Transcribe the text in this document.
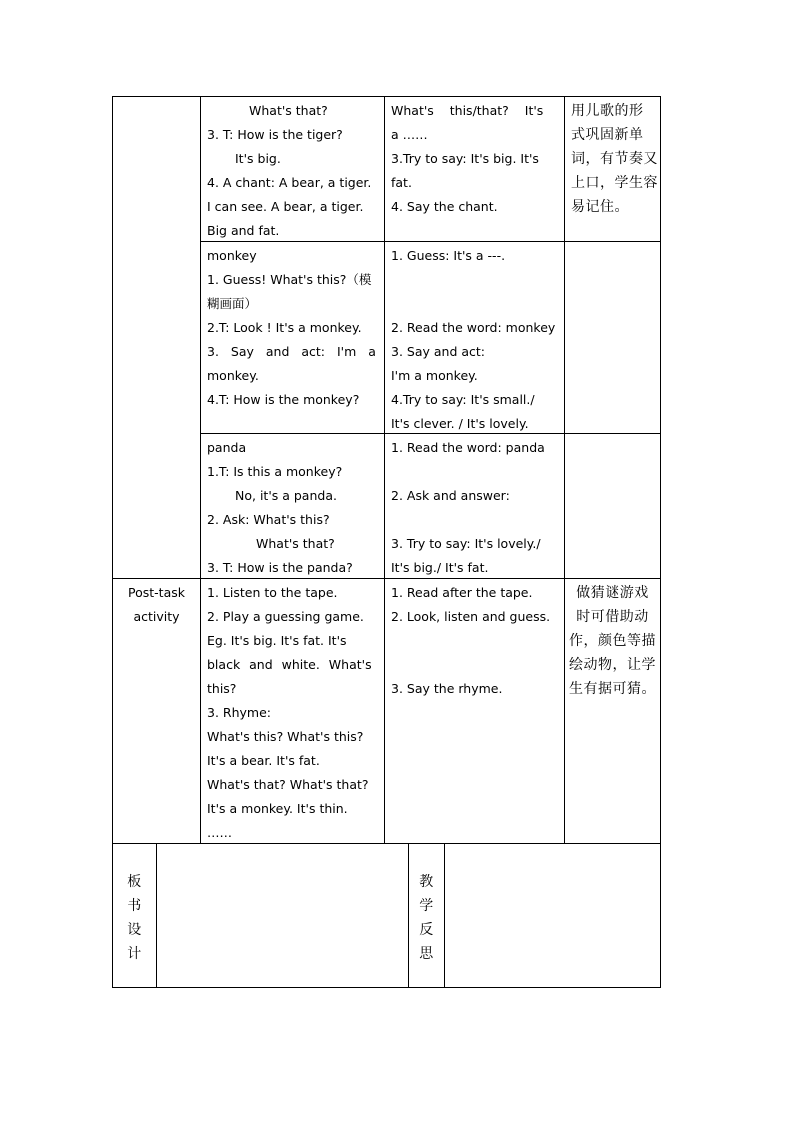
What's that?
3. T: How is the tiger?
It's big.
4. A chant: A bear, a tiger.
I can see. A bear, a tiger.
Big and fat.
What's this/that? It's
a ……
3.Try to say: It's big. It's
fat.
4. Say the chant.
用儿歌的形
式巩固新单
词，有节奏又
上口，学生容
易记住。
monkey
1. Guess! What's this?（模
糊画面）
2.T: Look ! It's a monkey.
3. Say and act: I'm a
monkey.
4.T: How is the monkey?
1. Guess: It's a ---.
2. Read the word: monkey
3. Say and act:
I'm a monkey.
4.Try to say: It's small./
It's clever. / It's lovely.
panda
1.T: Is this a monkey?
No, it's a panda.
2. Ask: What's this?
What's that?
3. T: How is the panda?
1. Read the word: panda
2. Ask and answer:
3. Try to say: It's lovely./
It's big./ It's fat.
Post-task
activity
1. Listen to the tape.
2. Play a guessing game.
Eg. It's big. It's fat. It's
black and white. What's
this?
3. Rhyme:
What's this? What's this?
It's a bear. It's fat.
What's that? What's that?
It's a monkey. It's thin.
……
1. Read after the tape.
2. Look, listen and guess.
3. Say the rhyme.
做猜谜游戏
时可借助动
作，颜色等描
绘动物，让学
生有据可猜。
板
书
设
计
教
学
反
思
